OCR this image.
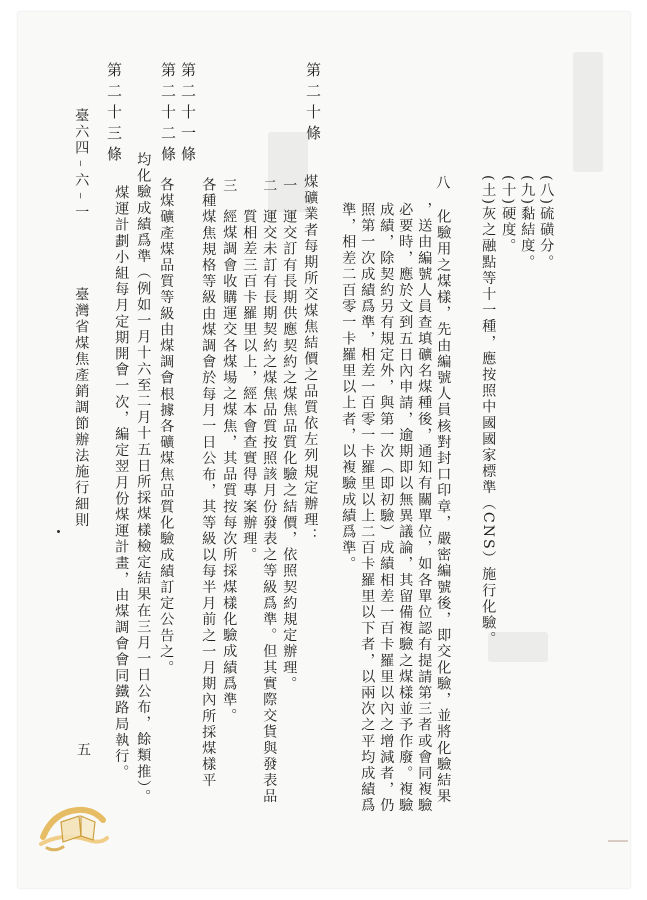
(八)硫磺分。
(九)黏結度。
(十)硬度。
(土)灰之融點等十一種，應按照中國國家標準（CNS）施行化驗。
八
化驗用之煤樣，先由編號人員核對封口印章，嚴密編號後，即交化驗，並將化驗結果
，送由編號人員查填礦名煤種後，通知有關單位，如各單位認有提請第三者或會同複驗
必要時，應於文到五日內申請，逾期即以無異議論，其留備複驗之煤樣並予作廢。複驗
成績，除契約另有規定外，與第一次（即初驗）成績相差一百卡羅里以內之增減者，仍
照第一次成績爲準，相差一百零一卡羅里以上二百卡羅里以下者，以兩次之平均成績爲
準，相差二百零一卡羅里以上者，以複驗成績爲準。
第二十條
一 煤礦業者每期所交煤焦結價之品質依左列規定辦理：
運交訂有長期供應契約之煤焦品質化驗之結價，依照契約規定辦理。
二
運交未訂有長期契約之煤焦品質按照該月份發表之等級爲準。但其實際交貨與發表品
質相差三百卡羅里以上，經本會查實得專案辦理。
三
經煤調會收購運交各煤場之煤焦，其品質按每次所採煤樣化驗成績爲準。
第二十一條
各種煤焦規格等級由煤調會於每月一日公布，其等級以每半月前之一月期內所採煤樣平
第二十二條
各煤礦產煤品質等級由煤調會根據各礦煤焦品質化驗成績訂定公告之。
均化驗成績爲準（例如一月十六至二月十五日所採煤樣檢定結果在三月一日公布，餘類推）。
第二十三條
煤運計劃小組每月定期開會一次，編定翌月份煤運計畫，由煤調會會同鐵路局執行。
臺六四﹣六﹣一
臺灣省煤焦產銷調節辦法施行細則
五
